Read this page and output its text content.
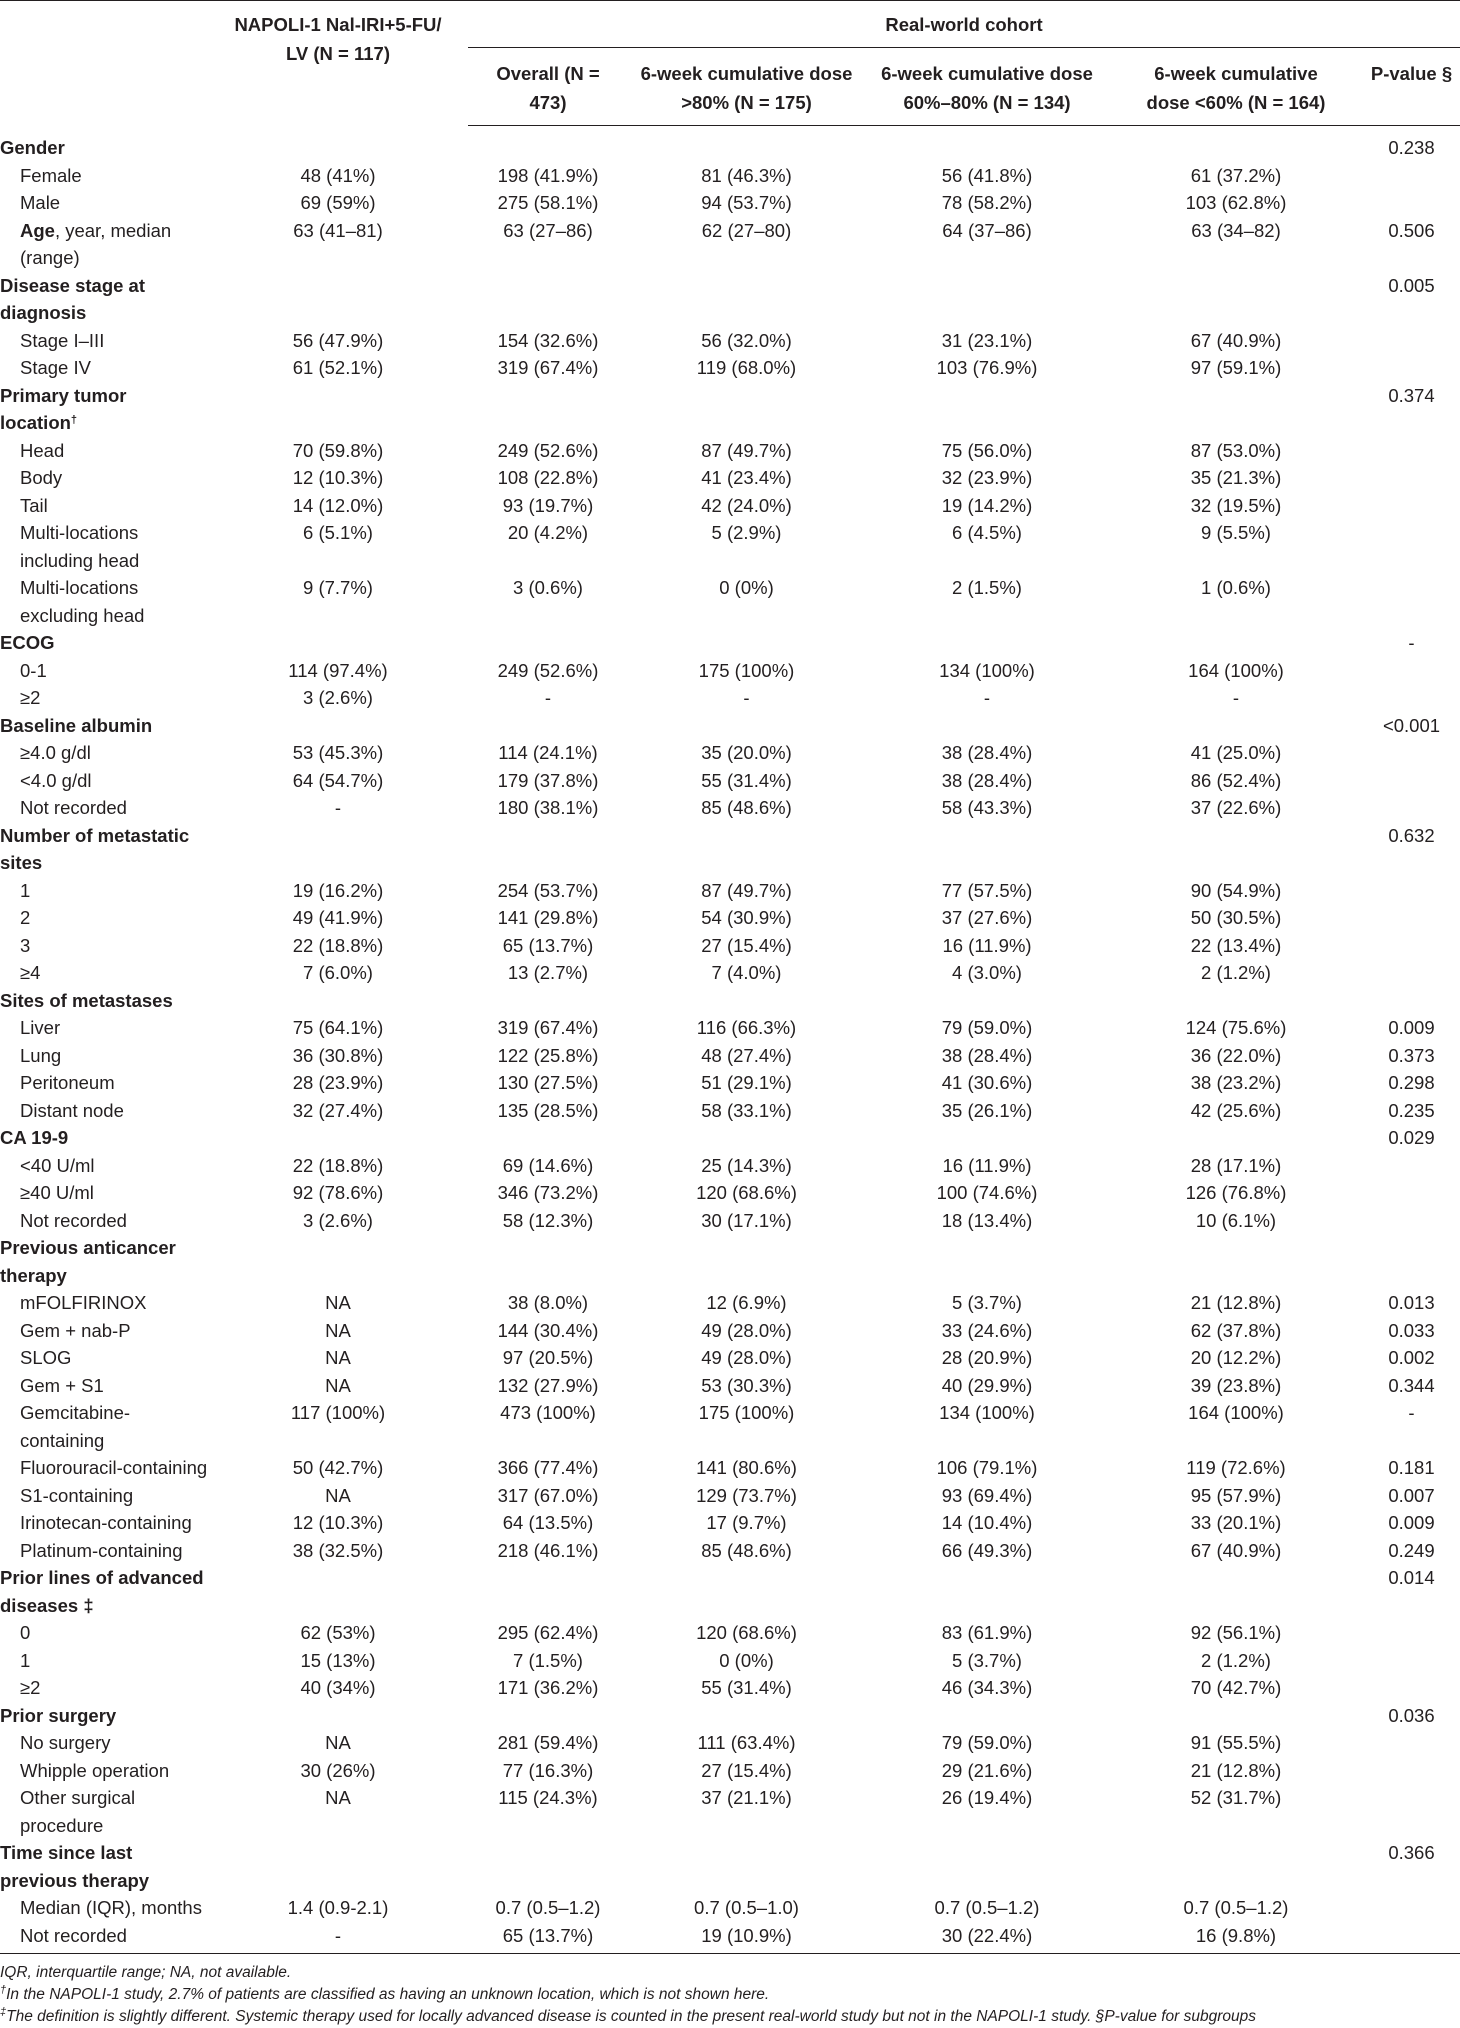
	NAPOLI-1 Nal-IRI+5-FU/ LV (N = 117)	Real-world cohort				
		Overall (N = 473)	6-week cumulative dose >80% (N = 175)	6-week cumulative dose 60%–80% (N = 134)	6-week cumulative dose <60% (N = 164)	P-value §
Gender						0.238
Female	48 (41%)	198 (41.9%)	81 (46.3%)	56 (41.8%)	61 (37.2%)	
Male	69 (59%)	275 (58.1%)	94 (53.7%)	78 (58.2%)	103 (62.8%)	
Age, year, median (range)	63 (41–81)	63 (27–86)	62 (27–80)	64 (37–86)	63 (34–82)	0.506
Disease stage at diagnosis						0.005
Stage I–III	56 (47.9%)	154 (32.6%)	56 (32.0%)	31 (23.1%)	67 (40.9%)	
Stage IV	61 (52.1%)	319 (67.4%)	119 (68.0%)	103 (76.9%)	97 (59.1%)	
Primary tumor location†						0.374
Head	70 (59.8%)	249 (52.6%)	87 (49.7%)	75 (56.0%)	87 (53.0%)	
Body	12 (10.3%)	108 (22.8%)	41 (23.4%)	32 (23.9%)	35 (21.3%)	
Tail	14 (12.0%)	93 (19.7%)	42 (24.0%)	19 (14.2%)	32 (19.5%)	
Multi-locations including head	6 (5.1%)	20 (4.2%)	5 (2.9%)	6 (4.5%)	9 (5.5%)	
Multi-locations excluding head	9 (7.7%)	3 (0.6%)	0 (0%)	2 (1.5%)	1 (0.6%)	
ECOG						-
0-1	114 (97.4%)	249 (52.6%)	175 (100%)	134 (100%)	164 (100%)	
≥2	3 (2.6%)	-	-	-	-	
Baseline albumin						<0.001
≥4.0 g/dl	53 (45.3%)	114 (24.1%)	35 (20.0%)	38 (28.4%)	41 (25.0%)	
<4.0 g/dl	64 (54.7%)	179 (37.8%)	55 (31.4%)	38 (28.4%)	86 (52.4%)	
Not recorded	-	180 (38.1%)	85 (48.6%)	58 (43.3%)	37 (22.6%)	
Number of metastatic sites						0.632
1	19 (16.2%)	254 (53.7%)	87 (49.7%)	77 (57.5%)	90 (54.9%)	
2	49 (41.9%)	141 (29.8%)	54 (30.9%)	37 (27.6%)	50 (30.5%)	
3	22 (18.8%)	65 (13.7%)	27 (15.4%)	16 (11.9%)	22 (13.4%)	
≥4	7 (6.0%)	13 (2.7%)	7 (4.0%)	4 (3.0%)	2 (1.2%)	
Sites of metastases						
Liver	75 (64.1%)	319 (67.4%)	116 (66.3%)	79 (59.0%)	124 (75.6%)	0.009
Lung	36 (30.8%)	122 (25.8%)	48 (27.4%)	38 (28.4%)	36 (22.0%)	0.373
Peritoneum	28 (23.9%)	130 (27.5%)	51 (29.1%)	41 (30.6%)	38 (23.2%)	0.298
Distant node	32 (27.4%)	135 (28.5%)	58 (33.1%)	35 (26.1%)	42 (25.6%)	0.235
CA 19-9						0.029
<40 U/ml	22 (18.8%)	69 (14.6%)	25 (14.3%)	16 (11.9%)	28 (17.1%)	
≥40 U/ml	92 (78.6%)	346 (73.2%)	120 (68.6%)	100 (74.6%)	126 (76.8%)	
Not recorded	3 (2.6%)	58 (12.3%)	30 (17.1%)	18 (13.4%)	10 (6.1%)	
Previous anticancer therapy						
mFOLFIRINOX	NA	38 (8.0%)	12 (6.9%)	5 (3.7%)	21 (12.8%)	0.013
Gem + nab-P	NA	144 (30.4%)	49 (28.0%)	33 (24.6%)	62 (37.8%)	0.033
SLOG	NA	97 (20.5%)	49 (28.0%)	28 (20.9%)	20 (12.2%)	0.002
Gem + S1	NA	132 (27.9%)	53 (30.3%)	40 (29.9%)	39 (23.8%)	0.344
Gemcitabine-containing	117 (100%)	473 (100%)	175 (100%)	134 (100%)	164 (100%)	-
Fluorouracil-containing	50 (42.7%)	366 (77.4%)	141 (80.6%)	106 (79.1%)	119 (72.6%)	0.181
S1-containing	NA	317 (67.0%)	129 (73.7%)	93 (69.4%)	95 (57.9%)	0.007
Irinotecan-containing	12 (10.3%)	64 (13.5%)	17 (9.7%)	14 (10.4%)	33 (20.1%)	0.009
Platinum-containing	38 (32.5%)	218 (46.1%)	85 (48.6%)	66 (49.3%)	67 (40.9%)	0.249
Prior lines of advanced diseases ‡						0.014
0	62 (53%)	295 (62.4%)	120 (68.6%)	83 (61.9%)	92 (56.1%)	
1	15 (13%)	7 (1.5%)	0 (0%)	5 (3.7%)	2 (1.2%)	
≥2	40 (34%)	171 (36.2%)	55 (31.4%)	46 (34.3%)	70 (42.7%)	
Prior surgery						0.036
No surgery	NA	281 (59.4%)	111 (63.4%)	79 (59.0%)	91 (55.5%)	
Whipple operation	30 (26%)	77 (16.3%)	27 (15.4%)	29 (21.6%)	21 (12.8%)	
Other surgical procedure	NA	115 (24.3%)	37 (21.1%)	26 (19.4%)	52 (31.7%)	
Time since last previous therapy						0.366
Median (IQR), months	1.4 (0.9-2.1)	0.7 (0.5–1.2)	0.7 (0.5–1.0)	0.7 (0.5–1.2)	0.7 (0.5–1.2)	
Not recorded	-	65 (13.7%)	19 (10.9%)	30 (22.4%)	16 (9.8%)	
IQR, interquartile range; NA, not available.
†In the NAPOLI-1 study, 2.7% of patients are classified as having an unknown location, which is not shown here.
‡The definition is slightly different. Systemic therapy used for locally advanced disease is counted in the present real-world study but not in the NAPOLI-1 study. §P-value for subgroups
